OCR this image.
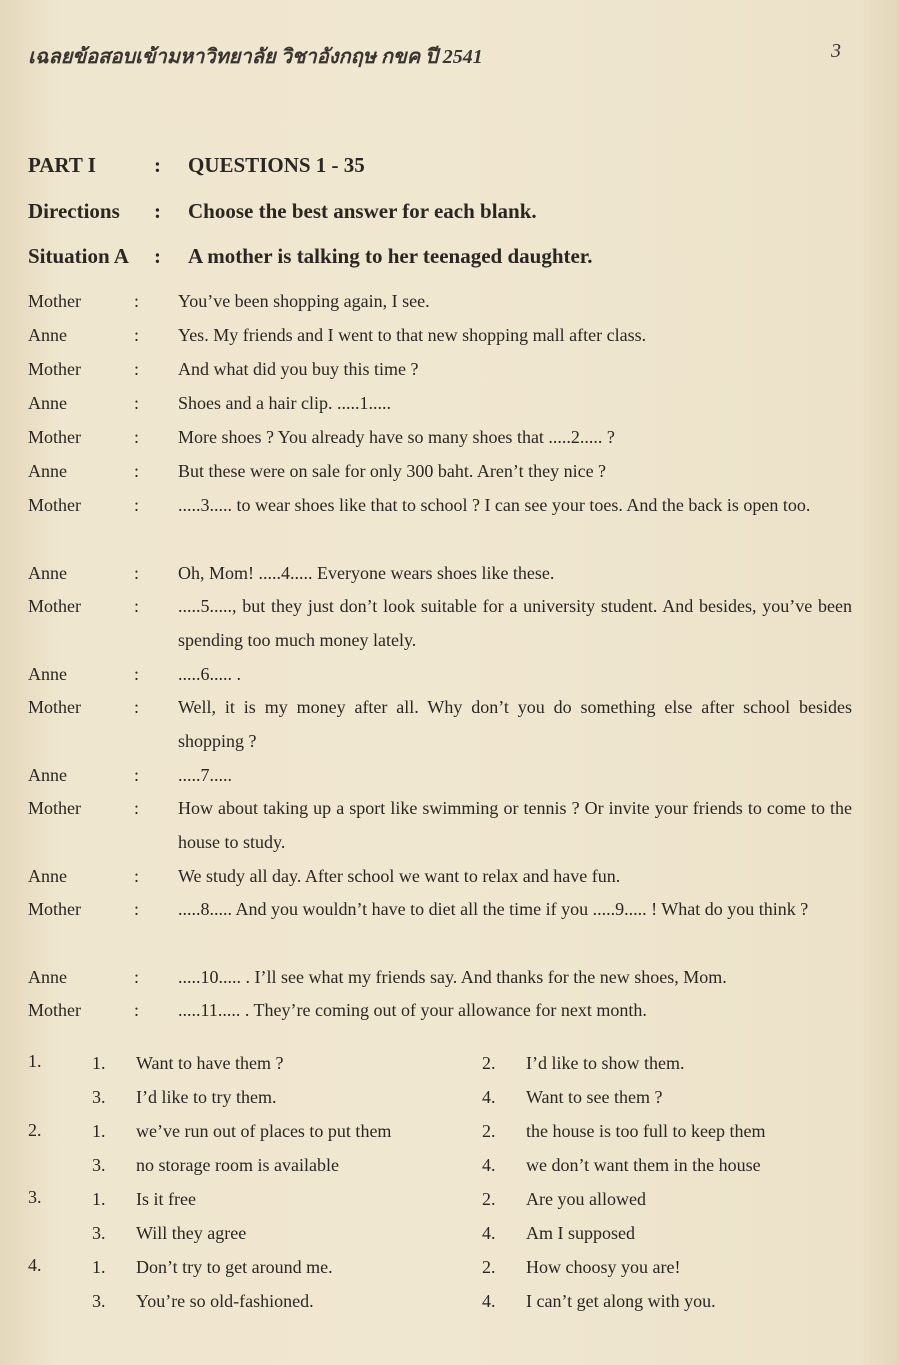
เฉลยข้อสอบเข้ามหาวิทยาลัย วิชาอังกฤษ กขค ปี 2541	3
PART I	: QUESTIONS 1 - 35
Directions : Choose the best answer for each blank.
Situation A : A mother is talking to her teenaged daughter.
Mother	: You’ve been shopping again, I see.
Anne	: Yes. My friends and I went to that new shopping mall after class.
Mother	: And what did you buy this time ?
Anne	: Shoes and a hair clip. .....1.....
Mother	: More shoes ? You already have so many shoes that .....2..... ?
Anne	: But these were on sale for only 300 baht. Aren’t they nice ?
Mother	: .....3..... to wear shoes like that to school ? I can see your toes. And the back is open too.
Anne	: Oh, Mom! .....4..... Everyone wears shoes like these.
Mother	: .....5....., but they just don’t look suitable for a university student. And besides, you’ve been spending too much money lately.
Anne	: .....6..... .
Mother	: Well, it is my money after all. Why don’t you do something else after school besides shopping ?
Anne	: .....7.....
Mother	: How about taking up a sport like swimming or tennis ? Or invite your friends to come to the house to study.
Anne	: We study all day. After school we want to relax and have fun.
Mother	: .....8..... And you wouldn’t have to diet all the time if you .....9..... ! What do you think ?
Anne	: .....10..... . I’ll see what my friends say. And thanks for the new shoes, Mom.
Mother	: .....11..... . They’re coming out of your allowance for next month.
1.	1. Want to have them ?	2. I’d like to show them.
3. I’d like to try them.	4. Want to see them ?
2.	1. we’ve run out of places to put them	2. the house is too full to keep them
3. no storage room is available	4. we don’t want them in the house
3.	1. Is it free	2. Are you allowed
3. Will they agree	4. Am I supposed
4.	1. Don’t try to get around me.	2. How choosy you are!
3. You’re so old-fashioned.	4. I can’t get along with you.
